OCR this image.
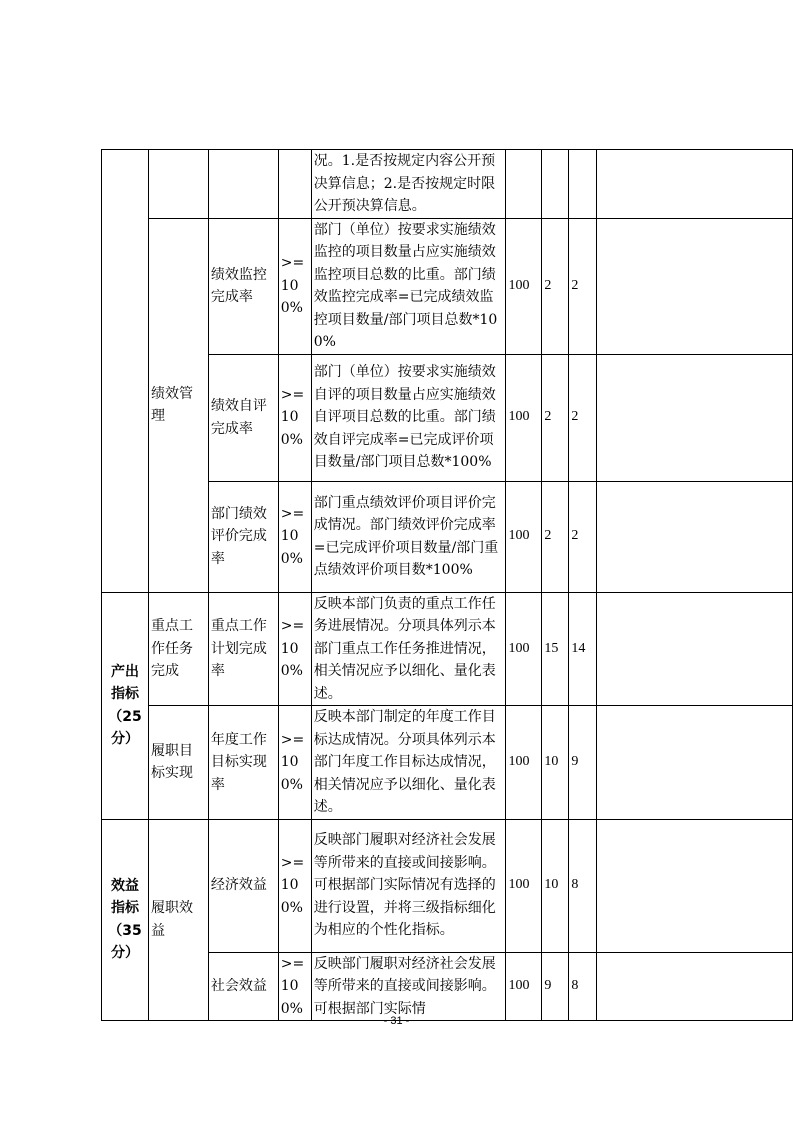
				况。1.是否按规定内容公开预决算信息；2.是否按规定时限公开预决算信息。				
	绩效管理	绩效监控完成率	>=100%	部门（单位）按要求实施绩效监控的项目数量占应实施绩效监控项目总数的比重。部门绩效监控完成率=已完成绩效监控项目数量/部门项目总数*100%	100	2	2	
		绩效自评完成率	>=100%	部门（单位）按要求实施绩效自评的项目数量占应实施绩效自评项目总数的比重。部门绩效自评完成率=已完成评价项目数量/部门项目总数*100%	100	2	2	
		部门绩效评价完成率	>=100%	部门重点绩效评价项目评价完成情况。部门绩效评价完成率=已完成评价项目数量/部门重点绩效评价项目数*100%	100	2	2	
产出指标（25分）	重点工作任务完成	重点工作计划完成率	>=100%	反映本部门负责的重点工作任务进展情况。分项具体列示本部门重点工作任务推进情况，相关情况应予以细化、量化表述。	100	15	14	
	履职目标实现	年度工作目标实现率	>=100%	反映本部门制定的年度工作目标达成情况。分项具体列示本部门年度工作目标达成情况，相关情况应予以细化、量化表述。	100	10	9	
效益指标（35分）	履职效益	经济效益	>=100%	反映部门履职对经济社会发展等所带来的直接或间接影响。可根据部门实际情况有选择的进行设置，并将三级指标细化为相应的个性化指标。	100	10	8	
		社会效益	>=100%	反映部门履职对经济社会发展等所带来的直接或间接影响。可根据部门实际情	100	9	8	
- 31 -
